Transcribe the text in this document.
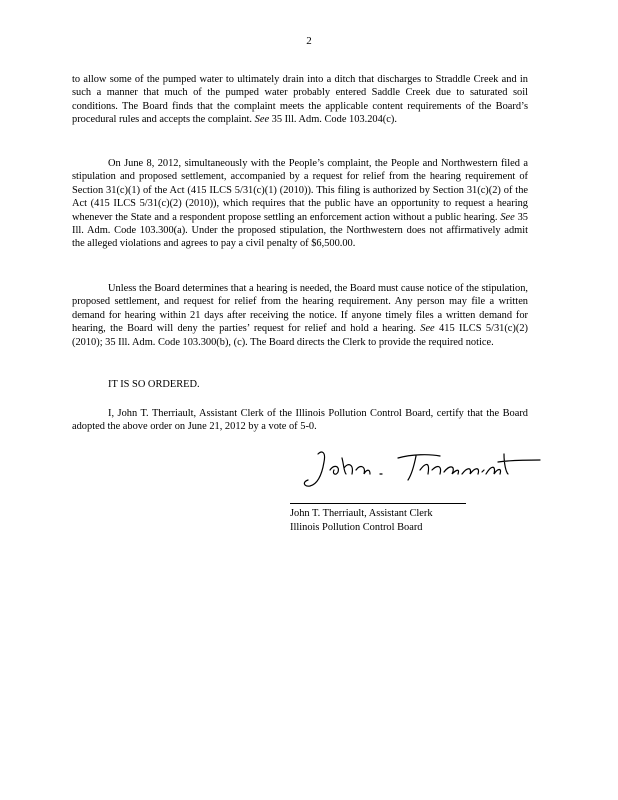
2

to allow some of the pumped water to ultimately drain into a ditch that discharges to Straddle Creek and in such a manner that much of the pumped water probably entered Saddle Creek due to saturated soil conditions. The Board finds that the complaint meets the applicable content requirements of the Board’s procedural rules and accepts the complaint. See 35 Ill. Adm. Code 103.204(c).

On June 8, 2012, simultaneously with the People’s complaint, the People and Northwestern filed a stipulation and proposed settlement, accompanied by a request for relief from the hearing requirement of Section 31(c)(1) of the Act (415 ILCS 5/31(c)(1) (2010)). This filing is authorized by Section 31(c)(2) of the Act (415 ILCS 5/31(c)(2) (2010)), which requires that the public have an opportunity to request a hearing whenever the State and a respondent propose settling an enforcement action without a public hearing. See 35 Ill. Adm. Code 103.300(a). Under the proposed stipulation, the Northwestern does not affirmatively admit the alleged violations and agrees to pay a civil penalty of $6,500.00.

Unless the Board determines that a hearing is needed, the Board must cause notice of the stipulation, proposed settlement, and request for relief from the hearing requirement. Any person may file a written demand for hearing within 21 days after receiving the notice. If anyone timely files a written demand for hearing, the Board will deny the parties’ request for relief and hold a hearing. See 415 ILCS 5/31(c)(2) (2010); 35 Ill. Adm. Code 103.300(b), (c). The Board directs the Clerk to provide the required notice.

IT IS SO ORDERED.

I, John T. Therriault, Assistant Clerk of the Illinois Pollution Control Board, certify that the Board adopted the above order on June 21, 2012 by a vote of 5-0.

John T. Therriault, Assistant Clerk
Illinois Pollution Control Board
